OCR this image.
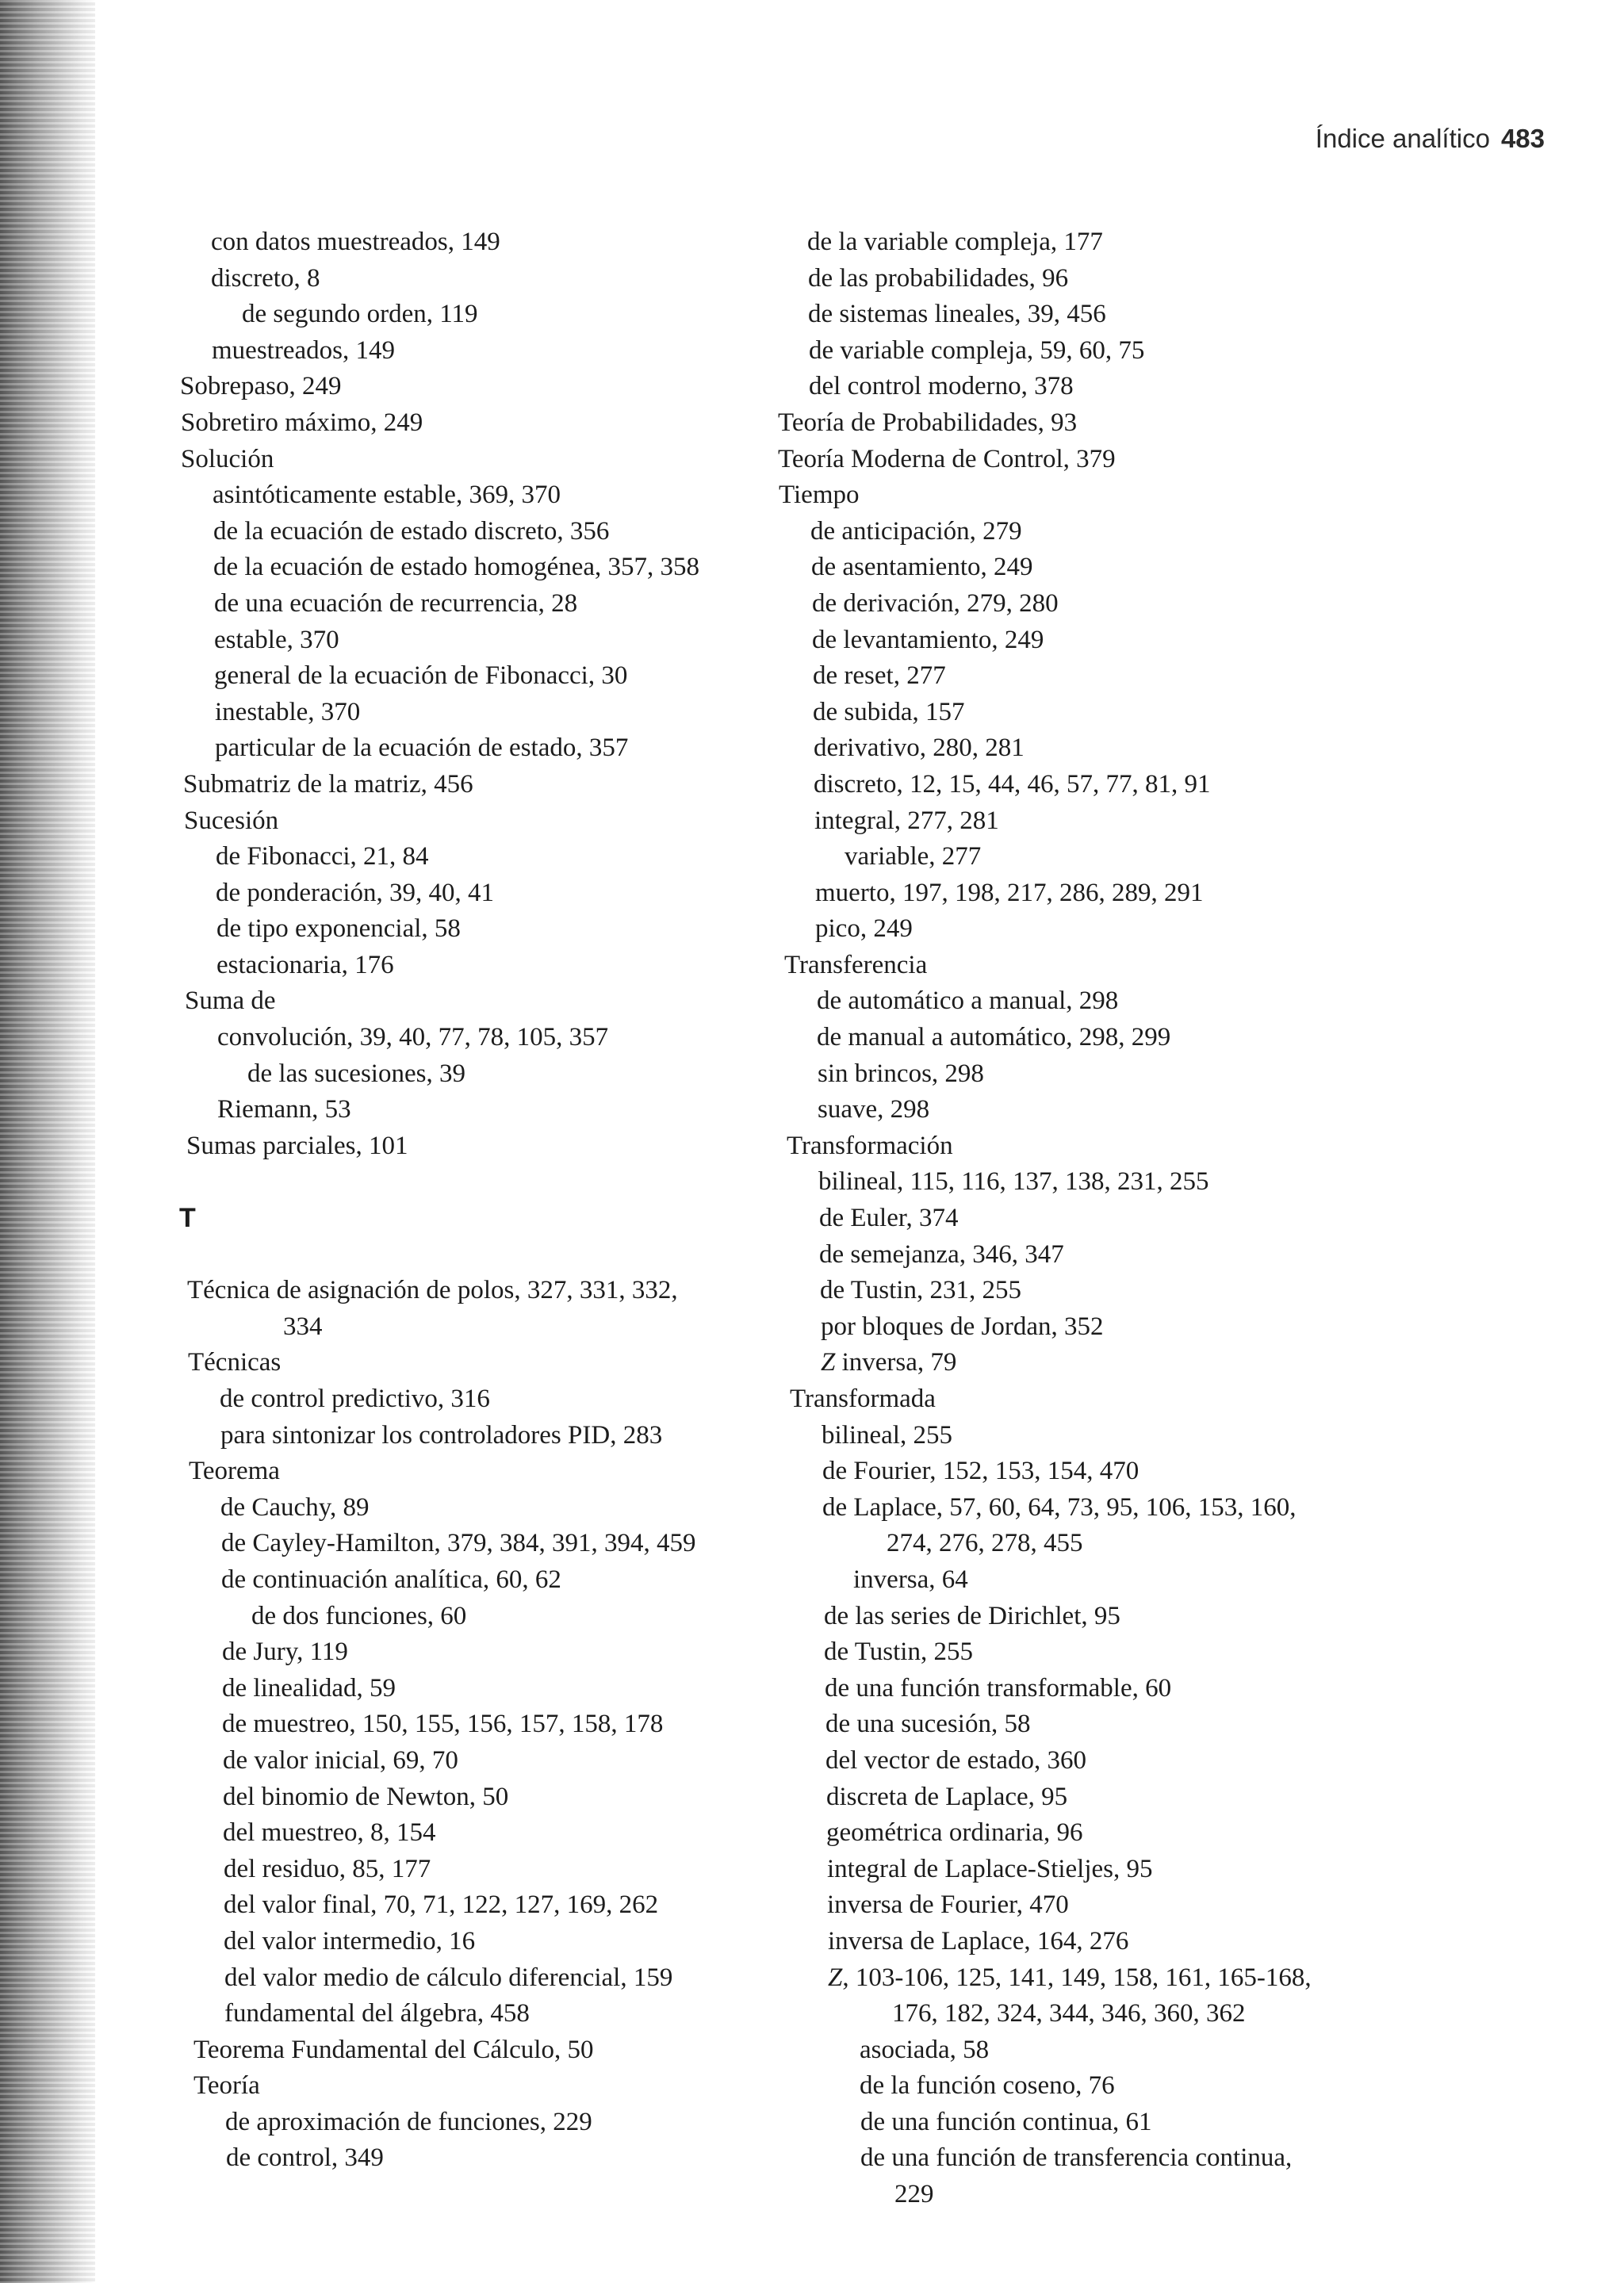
Índice analítico 483
con datos muestreados, 149
discreto, 8
de segundo orden, 119
muestreados, 149
Sobrepaso, 249
Sobretiro máximo, 249
Solución
asintóticamente estable, 369, 370
de la ecuación de estado discreto, 356
de la ecuación de estado homogénea, 357, 358
de una ecuación de recurrencia, 28
estable, 370
general de la ecuación de Fibonacci, 30
inestable, 370
particular de la ecuación de estado, 357
Submatriz de la matriz, 456
Sucesión
de Fibonacci, 21, 84
de ponderación, 39, 40, 41
de tipo exponencial, 58
estacionaria, 176
Suma de
convolución, 39, 40, 77, 78, 105, 357
de las sucesiones, 39
Riemann, 53
Sumas parciales, 101
T
Técnica de asignación de polos, 327, 331, 332,
334
Técnicas
de control predictivo, 316
para sintonizar los controladores PID, 283
Teorema
de Cauchy, 89
de Cayley-Hamilton, 379, 384, 391, 394, 459
de continuación analítica, 60, 62
de dos funciones, 60
de Jury, 119
de linealidad, 59
de muestreo, 150, 155, 156, 157, 158, 178
de valor inicial, 69, 70
del binomio de Newton, 50
del muestreo, 8, 154
del residuo, 85, 177
del valor final, 70, 71, 122, 127, 169, 262
del valor intermedio, 16
del valor medio de cálculo diferencial, 159
fundamental del álgebra, 458
Teorema Fundamental del Cálculo, 50
Teoría
de aproximación de funciones, 229
de control, 349
de la variable compleja, 177
de las probabilidades, 96
de sistemas lineales, 39, 456
de variable compleja, 59, 60, 75
del control moderno, 378
Teoría de Probabilidades, 93
Teoría Moderna de Control, 379
Tiempo
de anticipación, 279
de asentamiento, 249
de derivación, 279, 280
de levantamiento, 249
de reset, 277
de subida, 157
derivativo, 280, 281
discreto, 12, 15, 44, 46, 57, 77, 81, 91
integral, 277, 281
variable, 277
muerto, 197, 198, 217, 286, 289, 291
pico, 249
Transferencia
de automático a manual, 298
de manual a automático, 298, 299
sin brincos, 298
suave, 298
Transformación
bilineal, 115, 116, 137, 138, 231, 255
de Euler, 374
de semejanza, 346, 347
de Tustin, 231, 255
por bloques de Jordan, 352
Z inversa, 79
Transformada
bilineal, 255
de Fourier, 152, 153, 154, 470
de Laplace, 57, 60, 64, 73, 95, 106, 153, 160,
274, 276, 278, 455
inversa, 64
de las series de Dirichlet, 95
de Tustin, 255
de una función transformable, 60
de una sucesión, 58
del vector de estado, 360
discreta de Laplace, 95
geométrica ordinaria, 96
integral de Laplace-Stieljes, 95
inversa de Fourier, 470
inversa de Laplace, 164, 276
Z, 103-106, 125, 141, 149, 158, 161, 165-168,
176, 182, 324, 344, 346, 360, 362
asociada, 58
de la función coseno, 76
de una función continua, 61
de una función de transferencia continua,
229
